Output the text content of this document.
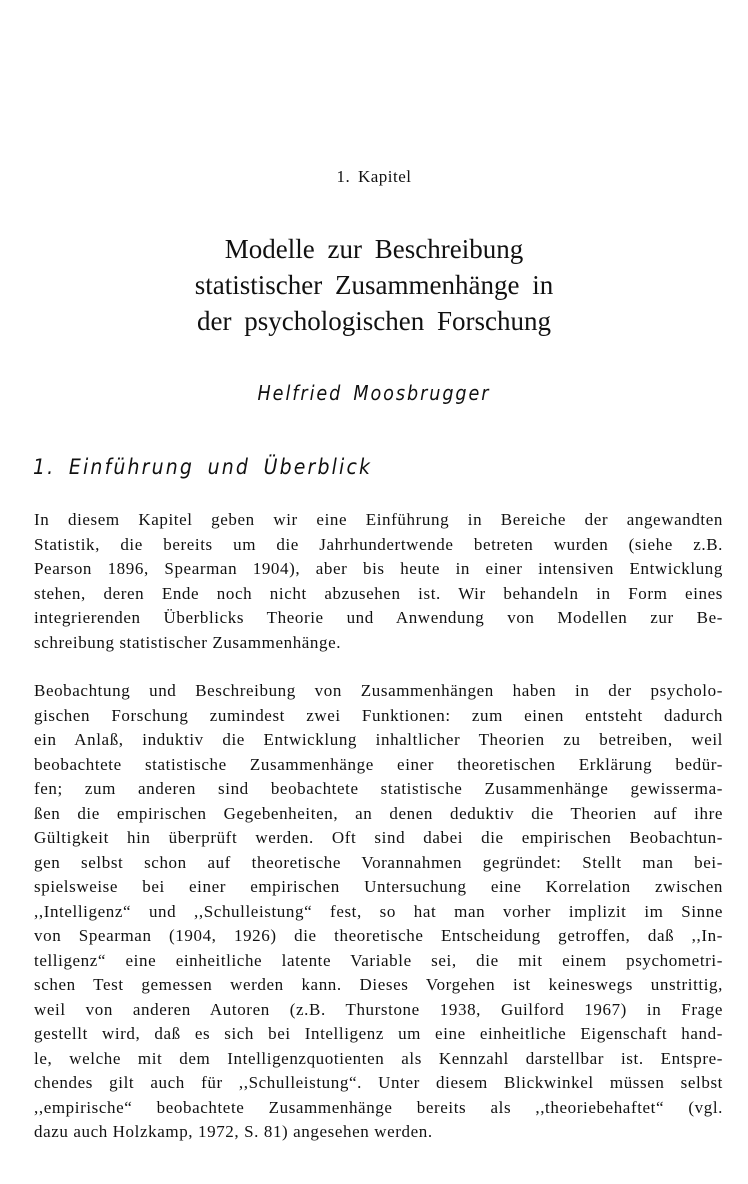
1. Kapitel
Modelle zur Beschreibung
statistischer Zusammenhänge in
der psychologischen Forschung
Helfried Moosbrugger
1. Einführung und Überblick
In diesem Kapitel geben wir eine Einführung in Bereiche der angewandten
Statistik, die bereits um die Jahrhundertwende betreten wurden (siehe z.B.
Pearson 1896, Spearman 1904), aber bis heute in einer intensiven Entwicklung
stehen, deren Ende noch nicht abzusehen ist. Wir behandeln in Form eines
integrierenden Überblicks Theorie und Anwendung von Modellen zur Be-
schreibung statistischer Zusammenhänge.
Beobachtung und Beschreibung von Zusammenhängen haben in der psycholo-
gischen Forschung zumindest zwei Funktionen: zum einen entsteht dadurch
ein Anlaß, induktiv die Entwicklung inhaltlicher Theorien zu betreiben, weil
beobachtete statistische Zusammenhänge einer theoretischen Erklärung bedür-
fen; zum anderen sind beobachtete statistische Zusammenhänge gewisserma-
ßen die empirischen Gegebenheiten, an denen deduktiv die Theorien auf ihre
Gültigkeit hin überprüft werden. Oft sind dabei die empirischen Beobachtun-
gen selbst schon auf theoretische Vorannahmen gegründet: Stellt man bei-
spielsweise bei einer empirischen Untersuchung eine Korrelation zwischen
,,Intelligenz“ und ,,Schulleistung“ fest, so hat man vorher implizit im Sinne
von Spearman (1904, 1926) die theoretische Entscheidung getroffen, daß ,,In-
telligenz“ eine einheitliche latente Variable sei, die mit einem psychometri-
schen Test gemessen werden kann. Dieses Vorgehen ist keineswegs unstrittig,
weil von anderen Autoren (z.B. Thurstone 1938, Guilford 1967) in Frage
gestellt wird, daß es sich bei Intelligenz um eine einheitliche Eigenschaft hand-
le, welche mit dem Intelligenzquotienten als Kennzahl darstellbar ist. Entspre-
chendes gilt auch für ,,Schulleistung“. Unter diesem Blickwinkel müssen selbst
,,empirische“ beobachtete Zusammenhänge bereits als ,,theoriebehaftet“ (vgl.
dazu auch Holzkamp, 1972, S. 81) angesehen werden.
